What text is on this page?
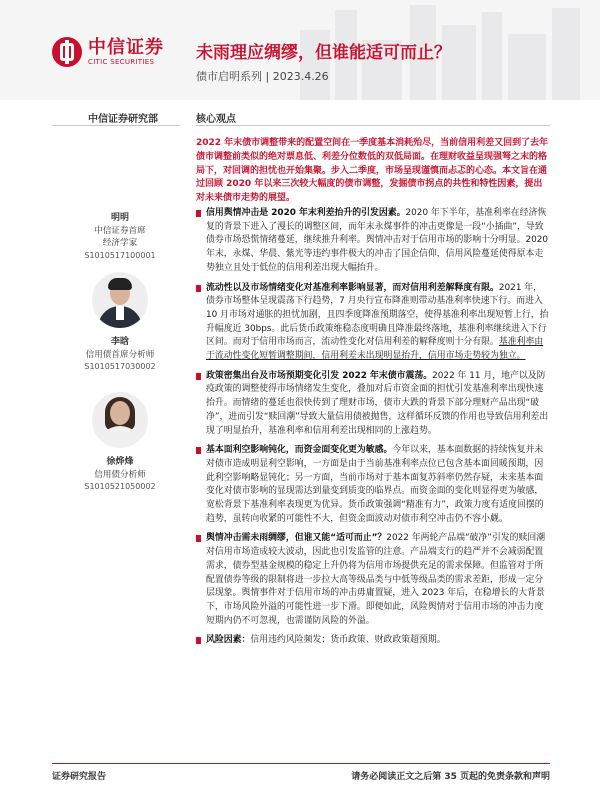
中信证券
CITIC SECURITIES	未雨理应绸缪，但谁能适可而止？
债市启明系列 | 2023.4.26
中信证券研究部	核心观点
2022 年末债市调整带来的配置空间在一季度基本消耗殆尽，当前信用利差又回到了去年债市调整前类似的绝对票息低、利差分位数低的双低局面。在理财收益呈现强弩之末的格局下，对回调的担忧也开始集聚。步入二季度，市场呈现谨慎而忐忑的心态。本文旨在通过回顾 2020 年以来三次较大幅度的债市调整，发掘债市拐点的共性和特性因素，提出对未来债市走势的展望。
明明
中信证券首席
经济学家
S1010517100001
李晗
信用债首席分析师
S1010517030002
徐烨烽
信用债分析师
S1010521050002
信用舆情冲击是 2020 年末利差抬升的引发因素。2020 年下半年，基准利率在经济恢复的背景下进入了漫长的调整区间，而年末永煤事件的冲击更像是一段“小插曲”，导致债券市场恐慌情绪蔓延，继续推升利率。舆情冲击对于信用市场的影响十分明显。2020 年末，永煤、华晨、紫光等违约事件极大的冲击了国企信仰，信用风险蔓延使得原本走势独立且处于低位的信用利差出现大幅抬升。
流动性以及市场情绪变化对基准利率影响显著，而对信用利差解释度有限。2021 年，债券市场整体呈现震荡下行趋势，7 月央行宣布降准则带动基准利率快速下行。而进入 10 月市场对通胀的担忧加剧，且四季度降准预期落空，使得基准利率出现短暂上行，抬升幅度近 30bps。此后货币政策维稳态度明确且降准最终落地，基准利率继续进入下行区间。而对于信用市场而言，流动性变化对信用利差的解释度则十分有限。基准利率由于流动性变化短暂调整期间，信用利差未出现明显抬升，信用市场走势较为独立。
政策密集出台及市场预期变化引发 2022 年末债市震荡。2022 年 11 月，地产以及防疫政策的调整使得市场情绪发生变化，叠加对后市资金面的担忧引发基准利率出现快速抬升。而情绪的蔓延也很快传到了理财市场，债市大跌的背景下部分理财产品出现“破净”，进而引发“赎回潮”导致大量信用债被抛售，这样循环反馈的作用也导致信用利差出现了明显抬升，基准利率和信用利差出现相同的上涨趋势。
基本面利空影响钝化，而资金面变化更为敏感。今年以来，基本面数据的持续恢复并未对债市造成明显利空影响，一方面是由于当前基准利率点位已包含基本面回暖预期，因此利空影响略显钝化；另一方面，当前市场对于基本面复苏斜率仍然存疑，未来基本面变化对债市影响的显现需达到量变到质变的临界点。而资金面的变化则显得更为敏感，宽松背景下基准利率表现更为优异。货币政策强调“精准有力”，政策力度有适度回摆的趋势，虽转向收紧的可能性不大，但资金面波动对债市利空冲击仍不容小觑。
舆情冲击需未雨绸缪，但谁又能“适可而止”？2022 年两轮产品端“破净”引发的赎回潮对信用市场造成较大波动，因此也引发监管的注意。产品端支行的趋严并不会减弱配置需求，债券型基金规模的稳定上升仍将为信用市场提供充足的需求保障。但监管对于所配置债券等级的限制将进一步拉大高等级品类与中低等级品类的需求差距，形成一定分层现象。舆情事件对于信用市场的冲击毋庸置疑，进入 2023 年后，在稳增长的大背景下，市场风险外溢的可能性进一步下滑。即便如此，风险舆情对于信用市场的冲击力度短期内仍不可忽视，也需谨防风险的外溢。
风险因素：信用违约风险频发；货币政策、财政政策超预期。
证券研究报告	请务必阅读正文之后第 35 页起的免责条款和声明
